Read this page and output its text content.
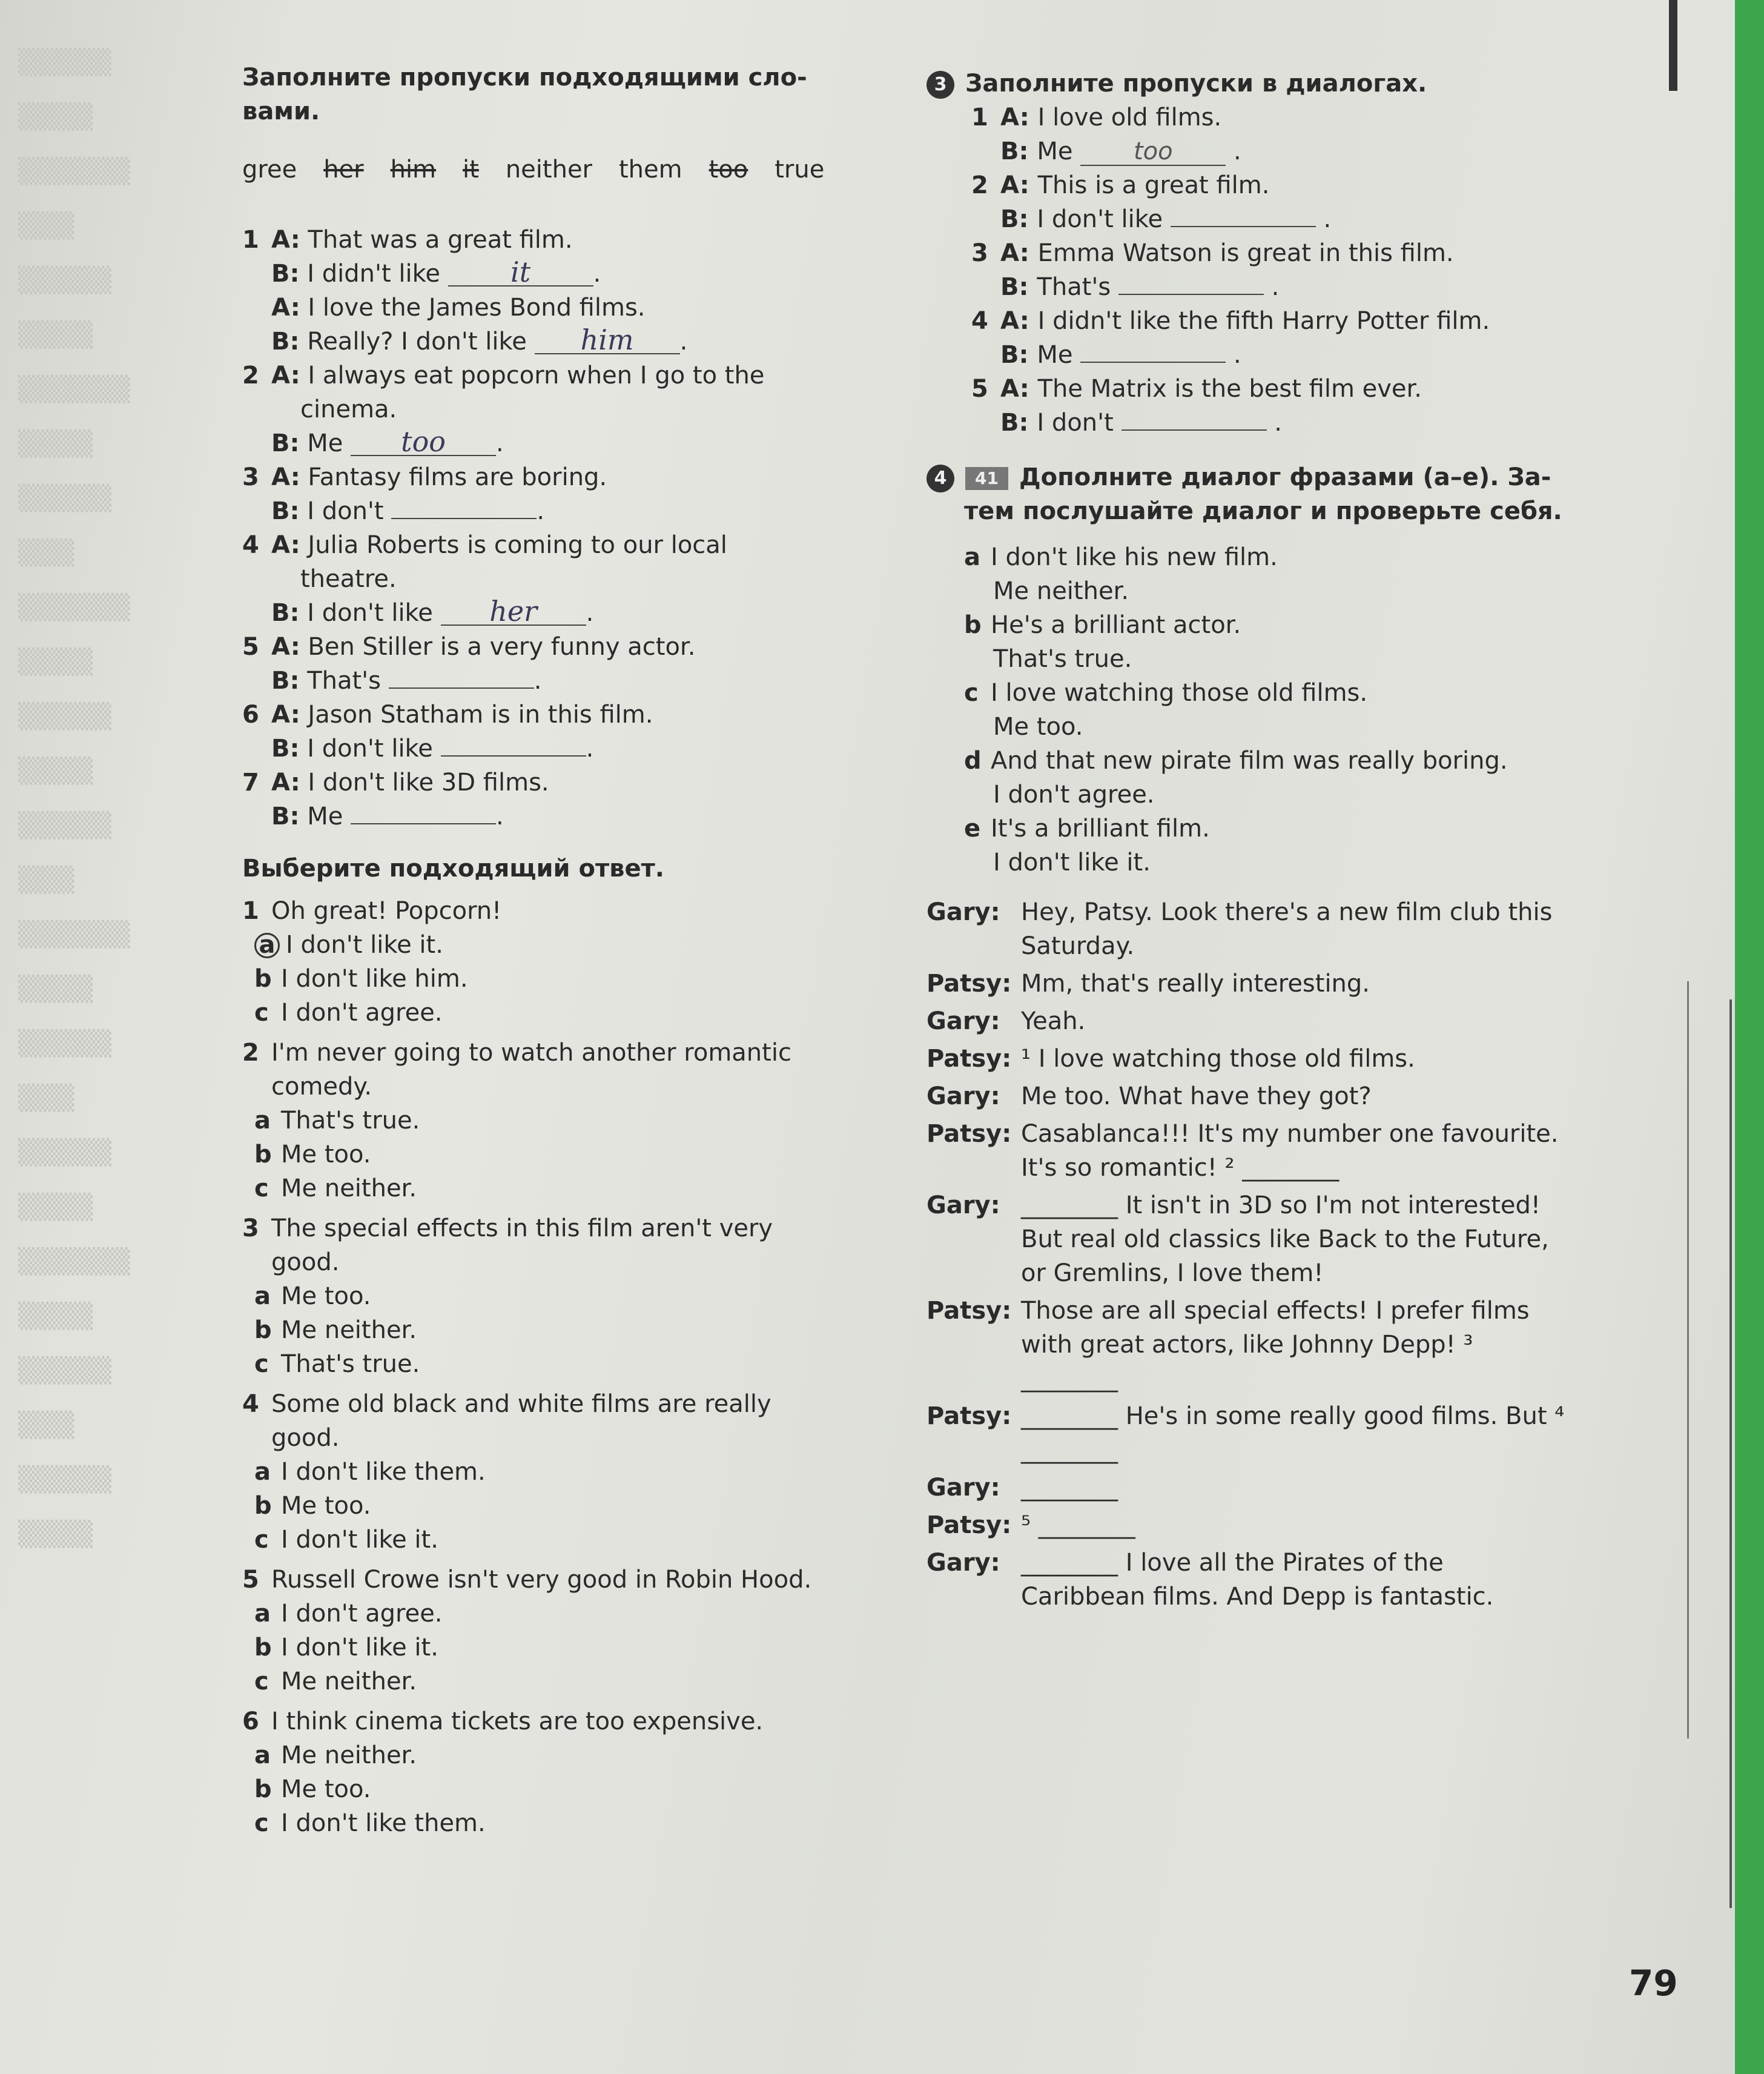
▒▒▒▒▒
▒▒▒▒
▒▒▒▒▒▒
▒▒▒
▒▒▒▒▒
▒▒▒▒
▒▒▒▒▒▒
▒▒▒▒
▒▒▒▒▒
▒▒▒
▒▒▒▒▒▒
▒▒▒▒
▒▒▒▒▒
▒▒▒▒
▒▒▒▒▒
▒▒▒
▒▒▒▒▒▒
▒▒▒▒
▒▒▒▒▒
▒▒▒
▒▒▒▒▒
▒▒▒▒
▒▒▒▒▒▒
▒▒▒▒
▒▒▒▒▒
▒▒▒
▒▒▒▒▒
▒▒▒▒
Заполните пропуски подходящими сло- вами.
gree her him it neither them too true
1 A: That was a great film.
B: I didn't like	it	.
A: I love the James Bond films.
B: Really? I don't like him .
2 A: I always eat popcorn when I go to the
cinema.
B: Me too .
3 A: Fantasy films are boring.
B: I don't	.
4 A: Julia Roberts is coming to our local
theatre.
B: I don't like her .
5 A: Ben Stiller is a very funny actor.
B: That's	.
6 A: Jason Statham is in this film.
B: I don't like	.
7 A: I don't like 3D films.
B: Me	.
Выберите подходящий ответ.
1 Oh great! Popcorn!
a I don't like it.
b I don't like him.
c I don't agree.
2 I'm never going to watch another romantic
comedy.
a That's true.
b Me too.
c Me neither.
3 The special effects in this film aren't very
good.
a Me too.
b Me neither.
c That's true.
4 Some old black and white films are really
good.
a I don't like them.
b Me too.
c I don't like it.
5 Russell Crowe isn't very good in Robin Hood.
a I don't agree.
b I don't like it.
c Me neither.
6 I think cinema tickets are too expensive.
a Me neither.
b Me too.
c I don't like them.
3 Заполните пропуски в диалогах.
1 A: I love old films.
B: Me	too .
2 A: This is a great film.
B: I don't like	.
3 A: Emma Watson is great in this film.
B: That's	.
4 A: I didn't like the fifth Harry Potter film.
B: Me	.
5 A: The Matrix is the best film ever.
B: I don't	.
4 41 Дополните диалог фразами (a–e). За-
тем послушайте диалог и проверьте себя.
a I don't like his new film.
Me neither.
b He's a brilliant actor.
That's true.
c I love watching those old films.
Me too.
d And that new pirate film was really boring.
I don't agree.
e It's a brilliant film.
I don't like it.
Gary: Hey, Patsy. Look there's a new film club this Saturday.
Patsy: Mm, that's really interesting.
Gary: Yeah.
Patsy: ¹ I love watching those old films.
Gary: Me too. What have they got?
Patsy: Casablanca!!! It's my number one favourite. It's so romantic! ² ________
Gary: ________ It isn't in 3D so I'm not interested! But real old classics like Back to the Future, or Gremlins, I love them!
Patsy: Those are all special effects! I prefer films with great actors, like Johnny Depp! ³ ________
Patsy: ________ He's in some really good films. But ⁴ ________
Gary: ________
Patsy: ⁵ ________
Gary: ________ I love all the Pirates of the Caribbean films. And Depp is fantastic.
79
